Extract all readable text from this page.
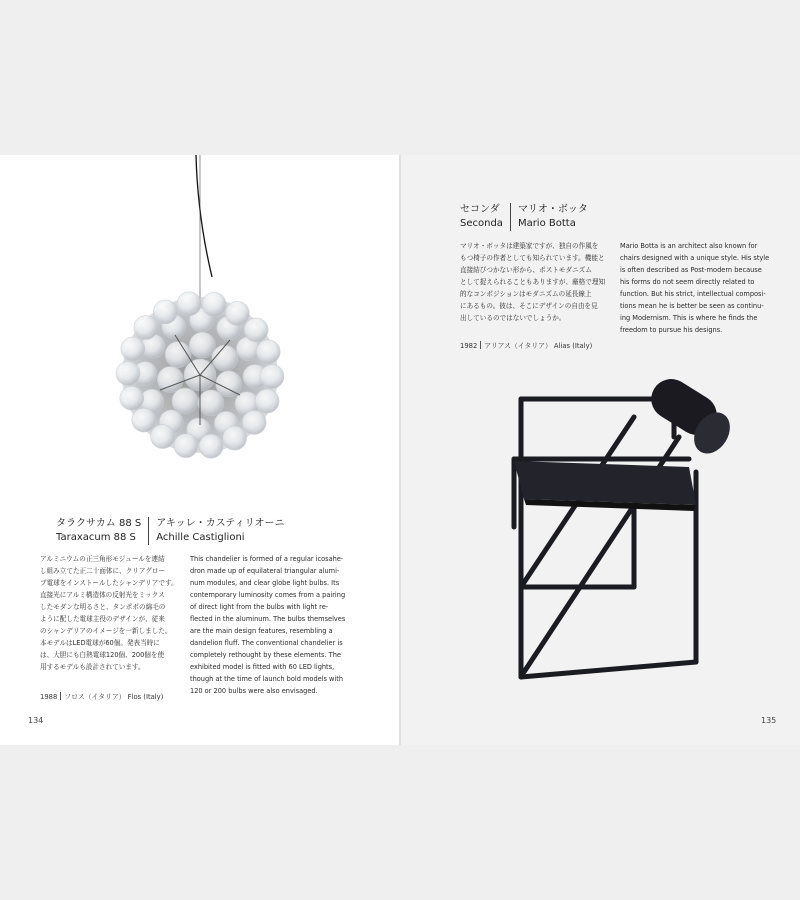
タラクサカム 88 S
Taraxacum 88 S
アキッレ・カスティリオーニ
Achille Castiglioni
アルミニウムの正三角形モジュールを連結
し組み立てた正二十面体に、クリアグロー
ブ電球をインストールしたシャンデリアです。
直接光にアルミ構造体の反射光をミックス
したモダンな明るさと、タンポポの綿毛の
ように配した電球主役のデザインが、従来
のシャンデリアのイメージを一新しました。
本モデルはLED電球が60個。発表当時に
は、大胆にも白熱電球120個、200個を使
用するモデルも設計されています。
This chandelier is formed of a regular icosahe-
dron made up of equilateral triangular alumi-
num modules, and clear globe light bulbs. Its
contemporary luminosity comes from a pairing
of direct light from the bulbs with light re-
flected in the aluminum. The bulbs themselves
are the main design features, resembling a
dandelion fluff. The conventional chandelier is
completely rethought by these elements. The
exhibited model is fitted with 60 LED lights,
though at the time of launch bold models with
120 or 200 bulbs were also envisaged.
1988 フロス（イタリア） Flos (Italy)
134
セコンダ
Seconda
マリオ・ボッタ
Mario Botta
マリオ・ボッタは建築家ですが、独自の作風を
もつ椅子の作者としても知られています。機能と
直接結びつかない形から、ポストモダニズム
として捉えられることもありますが、厳格で理知
的なコンポジションはモダニズムの延長線上
にあるもの。彼は、そこにデザインの自由を見
出しているのではないでしょうか。
Mario Botta is an architect also known for
chairs designed with a unique style. His style
is often described as Post-modern because
his forms do not seem directly related to
function. But his strict, intellectual composi-
tions mean he is better be seen as continu-
ing Modernism. This is where he finds the
freedom to pursue his designs.
1982 アリアス（イタリア） Alias (Italy)
135
